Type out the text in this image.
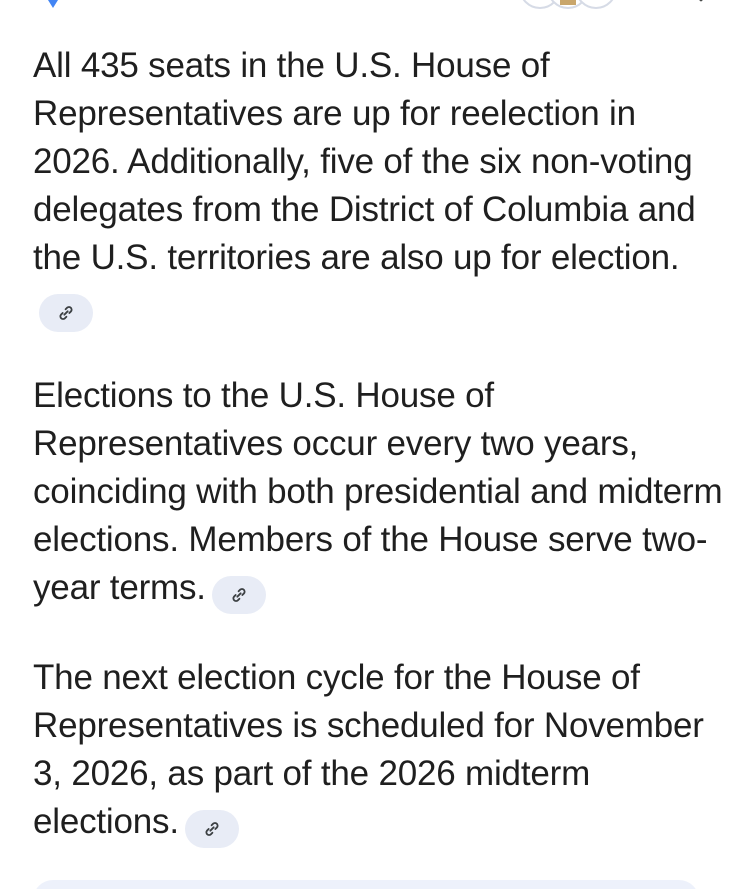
All 435 seats in the U.S. House of Representatives are up for reelection in 2026. Additionally, five of the six non-voting delegates from the District of Columbia and the U.S. territories are also up for election.

Elections to the U.S. House of Representatives occur every two years, coinciding with both presidential and midterm elections. Members of the House serve two-year terms.

The next election cycle for the House of Representatives is scheduled for November 3, 2026, as part of the 2026 midterm elections.
